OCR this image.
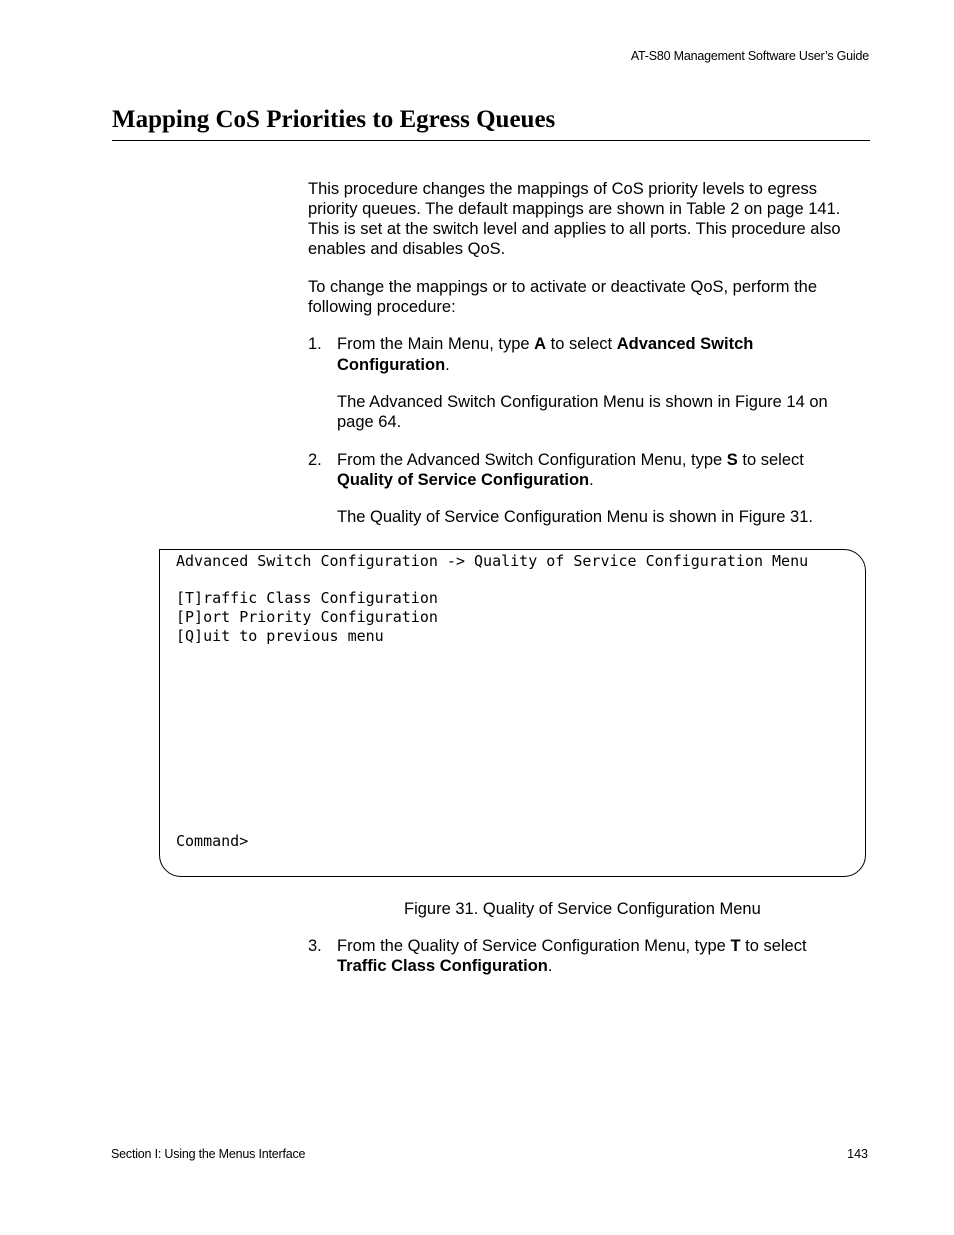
AT-S80 Management Software User’s Guide
Mapping CoS Priorities to Egress Queues

This procedure changes the mappings of CoS priority levels to egress

priority queues. The default mappings are shown in Table 2 on page 141.

This is set at the switch level and applies to all ports. This procedure also

enables and disables QoS.

To change the mappings or to activate or deactivate QoS, perform the

following procedure:

1. From the Main Menu, type A to select Advanced Switch

Configuration.

The Advanced Switch Configuration Menu is shown in Figure 14 on

page 64.

2. From the Advanced Switch Configuration Menu, type S to select

Quality of Service Configuration.

The Quality of Service Configuration Menu is shown in Figure 31.

Advanced Switch Configuration -> Quality of Service Configuration Menu
[T]raffic Class Configuration
[P]ort Priority Configuration
[Q]uit to previous menu
Command>
Figure 31. Quality of Service Configuration Menu
3. From the Quality of Service Configuration Menu, type T to select

Traffic Class Configuration.

Section I: Using the Menus Interface	143
